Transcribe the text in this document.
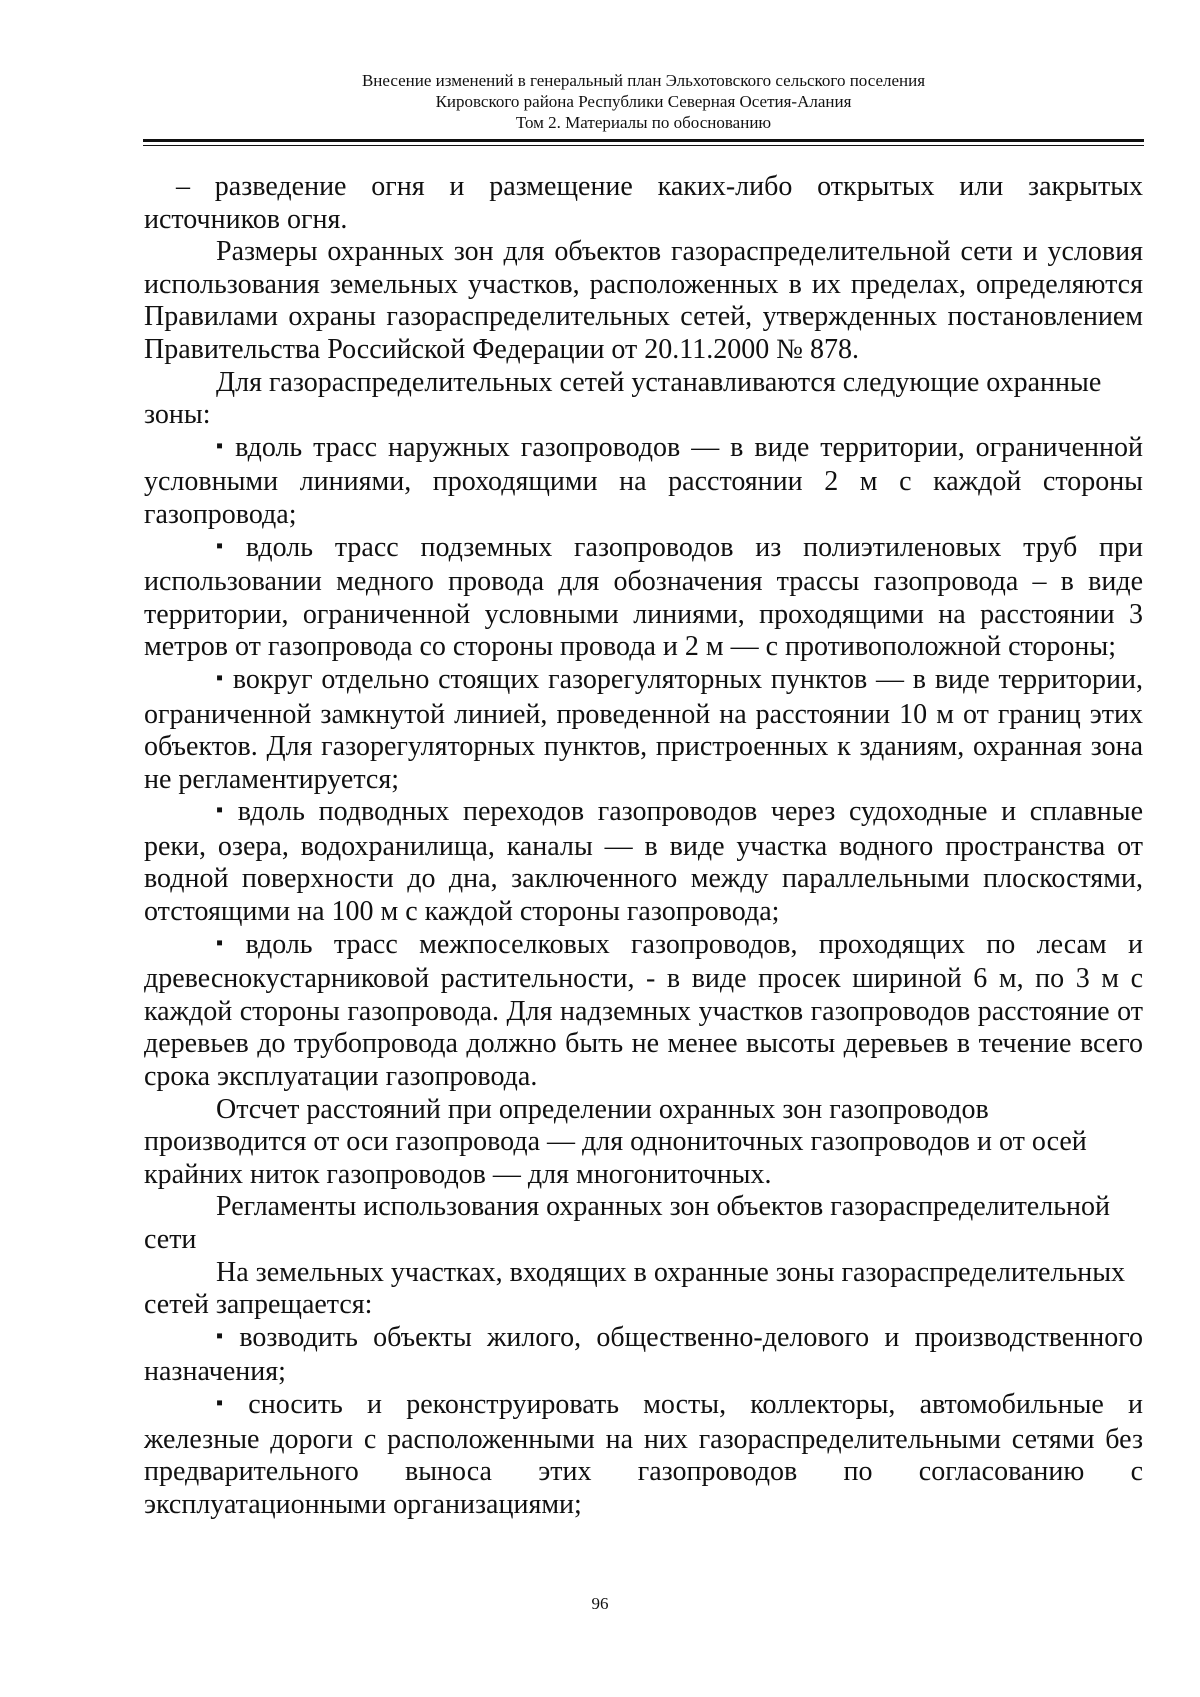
Внесение изменений в генеральный план Эльхотовского сельского поселения
Кировского района Республики Северная Осетия-Алания
Том 2. Материалы по обоснованию

– разведение огня и размещение каких-либо открытых или закрытых источников огня.

Размеры охранных зон для объектов газораспределительной сети и условия использования земельных участков, расположенных в их пределах, определяются Правилами охраны газораспределительных сетей, утвержденных постановлением Правительства Российской Федерации от 20.11.2000 № 878.

Для газораспределительных сетей устанавливаются следующие охранные зоны:

▪ вдоль трасс наружных газопроводов — в виде территории, ограниченной условными линиями, проходящими на расстоянии 2 м с каждой стороны газопровода;

▪ вдоль трасс подземных газопроводов из полиэтиленовых труб при использовании медного провода для обозначения трассы газопровода – в виде территории, ограниченной условными линиями, проходящими на расстоянии 3 метров от газопровода со стороны провода и 2 м — с противоположной стороны;

▪ вокруг отдельно стоящих газорегуляторных пунктов — в виде территории, ограниченной замкнутой линией, проведенной на расстоянии 10 м от границ этих объектов. Для газорегуляторных пунктов, пристроенных к зданиям, охранная зона не регламентируется;

▪ вдоль подводных переходов газопроводов через судоходные и сплавные реки, озера, водохранилища, каналы — в виде участка водного пространства от водной поверхности до дна, заключенного между параллельными плоскостями, отстоящими на 100 м с каждой стороны газопровода;

▪ вдоль трасс межпоселковых газопроводов, проходящих по лесам и древеснокустарниковой растительности, - в виде просек шириной 6 м, по 3 м с каждой стороны газопровода. Для надземных участков газопроводов расстояние от деревьев до трубопровода должно быть не менее высоты деревьев в течение всего срока эксплуатации газопровода.

Отсчет расстояний при определении охранных зон газопроводов производится от оси газопровода — для однониточных газопроводов и от осей крайних ниток газопроводов — для многониточных.

Регламенты использования охранных зон объектов газораспределительной сети

На земельных участках, входящих в охранные зоны газораспределительных сетей запрещается:

▪ возводить объекты жилого, общественно-делового и производственного назначения;

▪ сносить и реконструировать мосты, коллекторы, автомобильные и железные дороги с расположенными на них газораспределительными сетями без предварительного выноса этих газопроводов по согласованию с эксплуатационными организациями;

96
